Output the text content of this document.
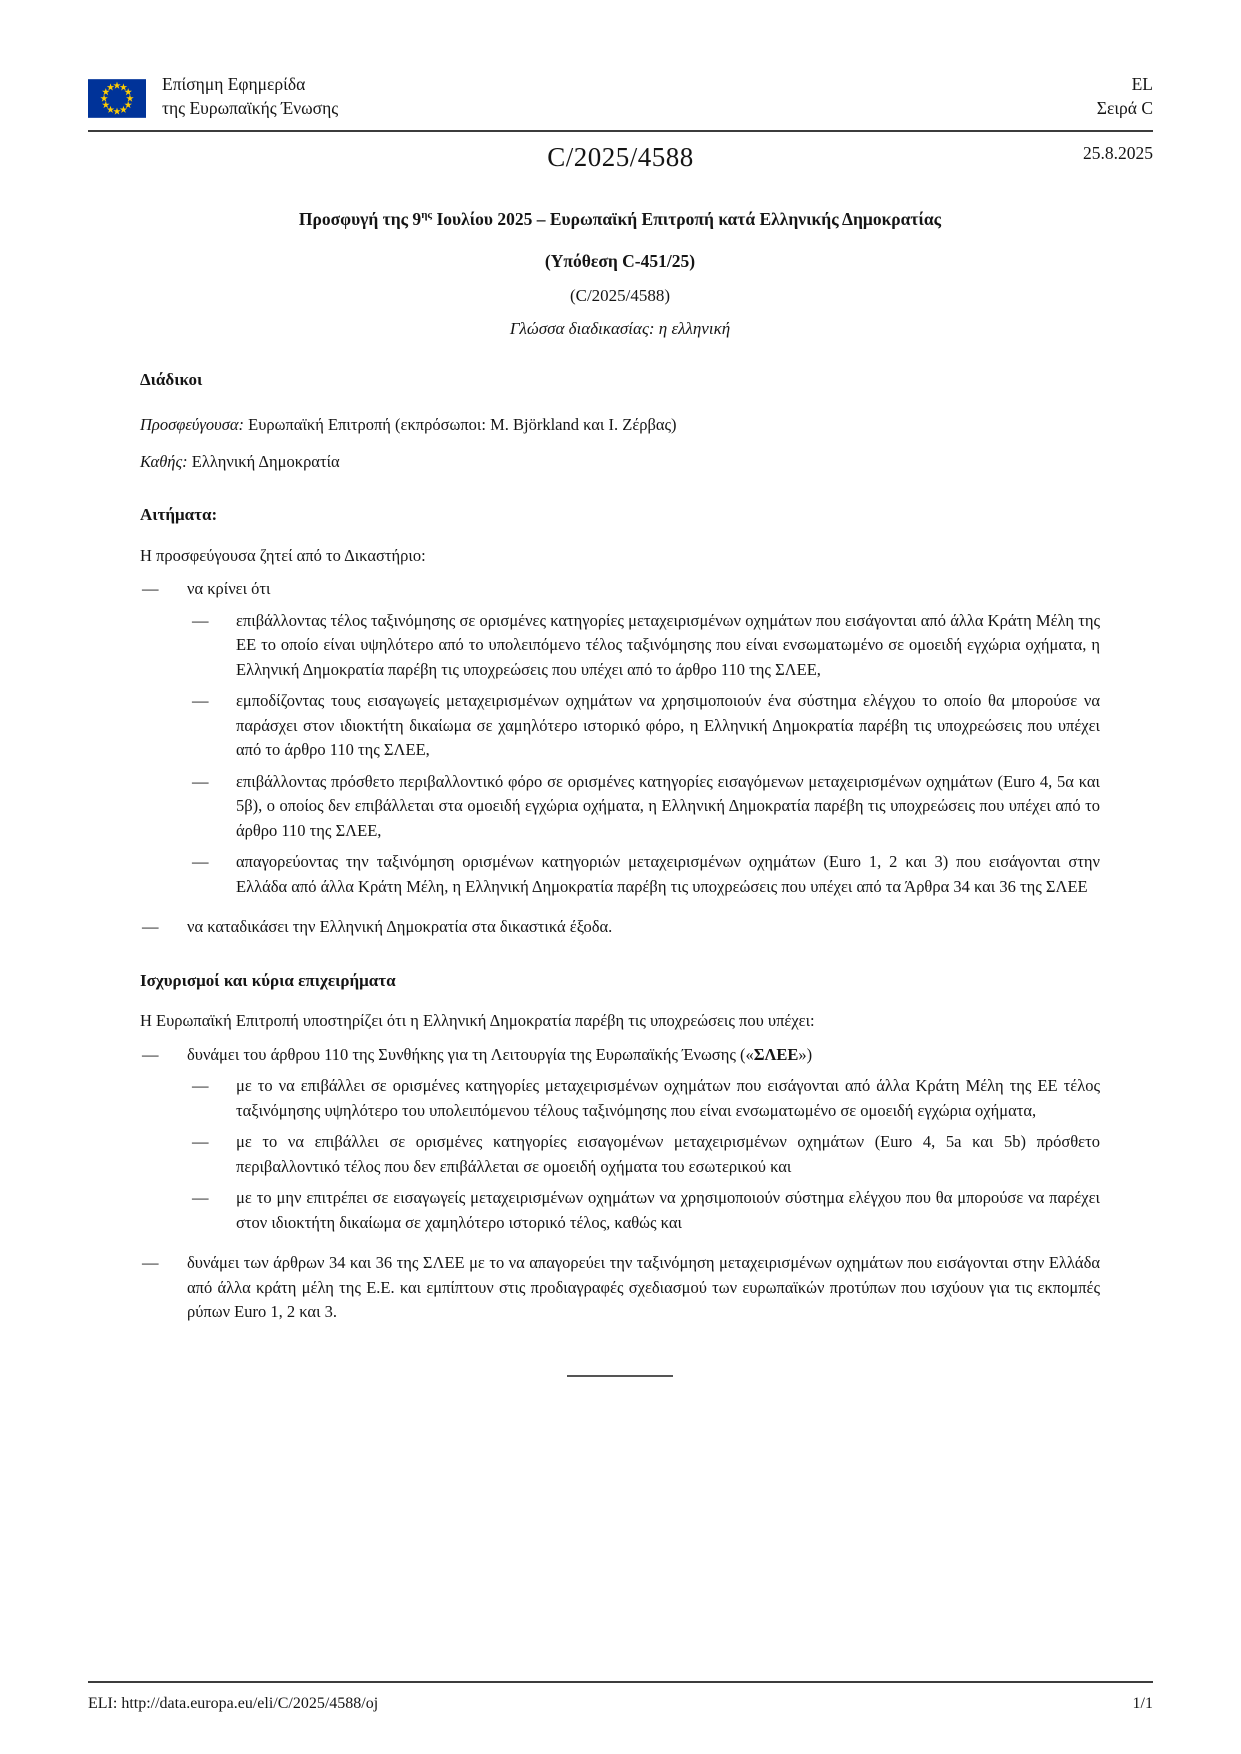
Επίσημη Εφημερίδα
της Ευρωπαϊκής Ένωσης
EL
Σειρά C
C/2025/4588	25.8.2025
Προσφυγή της $9^{\eta\varsigma}$ Ιουλίου 2025 – Ευρωπαϊκή Επιτροπή κατά Ελληνικής Δημοκρατίας
(Υπόθεση C-451/25)
(C/2025/4588)
Γλώσσα διαδικασίας: η ελληνική
Διάδικοι
Προσφεύγουσα: Ευρωπαϊκή Επιτροπή (εκπρόσωποι: M. Björkland και Ι. Ζέρβας)
Καθής: Ελληνική Δημοκρατία
Αιτήματα:
Η προσφεύγουσα ζητεί από το Δικαστήριο:
— να κρίνει ότι
— επιβάλλοντας τέλος ταξινόμησης σε ορισμένες κατηγορίες μεταχειρισμένων οχημάτων που εισάγονται από άλλα Κράτη Μέλη της ΕΕ το οποίο είναι υψηλότερο από το υπολειπόμενο τέλος ταξινόμησης που είναι ενσωματωμένο σε ομοειδή εγχώρια οχήματα, η Ελληνική Δημοκρατία παρέβη τις υποχρεώσεις που υπέχει από το άρθρο 110 της ΣΛΕΕ,
— εμποδίζοντας τους εισαγωγείς μεταχειρισμένων οχημάτων να χρησιμοποιούν ένα σύστημα ελέγχου το οποίο θα μπορούσε να παράσχει στον ιδιοκτήτη δικαίωμα σε χαμηλότερο ιστορικό φόρο, η Ελληνική Δημοκρατία παρέβη τις υποχρεώσεις που υπέχει από το άρθρο 110 της ΣΛΕΕ,
— επιβάλλοντας πρόσθετο περιβαλλοντικό φόρο σε ορισμένες κατηγορίες εισαγόμενων μεταχειρισμένων οχημάτων (Euro 4, 5α και 5β), ο οποίος δεν επιβάλλεται στα ομοειδή εγχώρια οχήματα, η Ελληνική Δημοκρατία παρέβη τις υποχρεώσεις που υπέχει από το άρθρο 110 της ΣΛΕΕ,
— απαγορεύοντας την ταξινόμηση ορισμένων κατηγοριών μεταχειρισμένων οχημάτων (Euro 1, 2 και 3) που εισάγονται στην Ελλάδα από άλλα Κράτη Μέλη, η Ελληνική Δημοκρατία παρέβη τις υποχρεώσεις που υπέχει από τα Άρθρα 34 και 36 της ΣΛΕΕ
— να καταδικάσει την Ελληνική Δημοκρατία στα δικαστικά έξοδα.
Ισχυρισμοί και κύρια επιχειρήματα
Η Ευρωπαϊκή Επιτροπή υποστηρίζει ότι η Ελληνική Δημοκρατία παρέβη τις υποχρεώσεις που υπέχει:
— δυνάμει του άρθρου 110 της Συνθήκης για τη Λειτουργία της Ευρωπαϊκής Ένωσης («ΣΛΕΕ»)
— με το να επιβάλλει σε ορισμένες κατηγορίες μεταχειρισμένων οχημάτων που εισάγονται από άλλα Κράτη Μέλη της ΕΕ τέλος ταξινόμησης υψηλότερο του υπολειπόμενου τέλους ταξινόμησης που είναι ενσωματωμένο σε ομοειδή εγχώρια οχήματα,
— με το να επιβάλλει σε ορισμένες κατηγορίες εισαγομένων μεταχειρισμένων οχημάτων (Euro 4, 5a και 5b) πρόσθετο περιβαλλοντικό τέλος που δεν επιβάλλεται σε ομοειδή οχήματα του εσωτερικού και
— με το μην επιτρέπει σε εισαγωγείς μεταχειρισμένων οχημάτων να χρησιμοποιούν σύστημα ελέγχου που θα μπορούσε να παρέχει στον ιδιοκτήτη δικαίωμα σε χαμηλότερο ιστορικό τέλος, καθώς και
— δυνάμει των άρθρων 34 και 36 της ΣΛΕΕ με το να απαγορεύει την ταξινόμηση μεταχειρισμένων οχημάτων που εισάγονται στην Ελλάδα από άλλα κράτη μέλη της Ε.Ε. και εμπίπτουν στις προδιαγραφές σχεδιασμού των ευρωπαϊκών προτύπων που ισχύουν για τις εκπομπές ρύπων Euro 1, 2 και 3.
ELI: http://data.europa.eu/eli/C/2025/4588/oj	1/1
